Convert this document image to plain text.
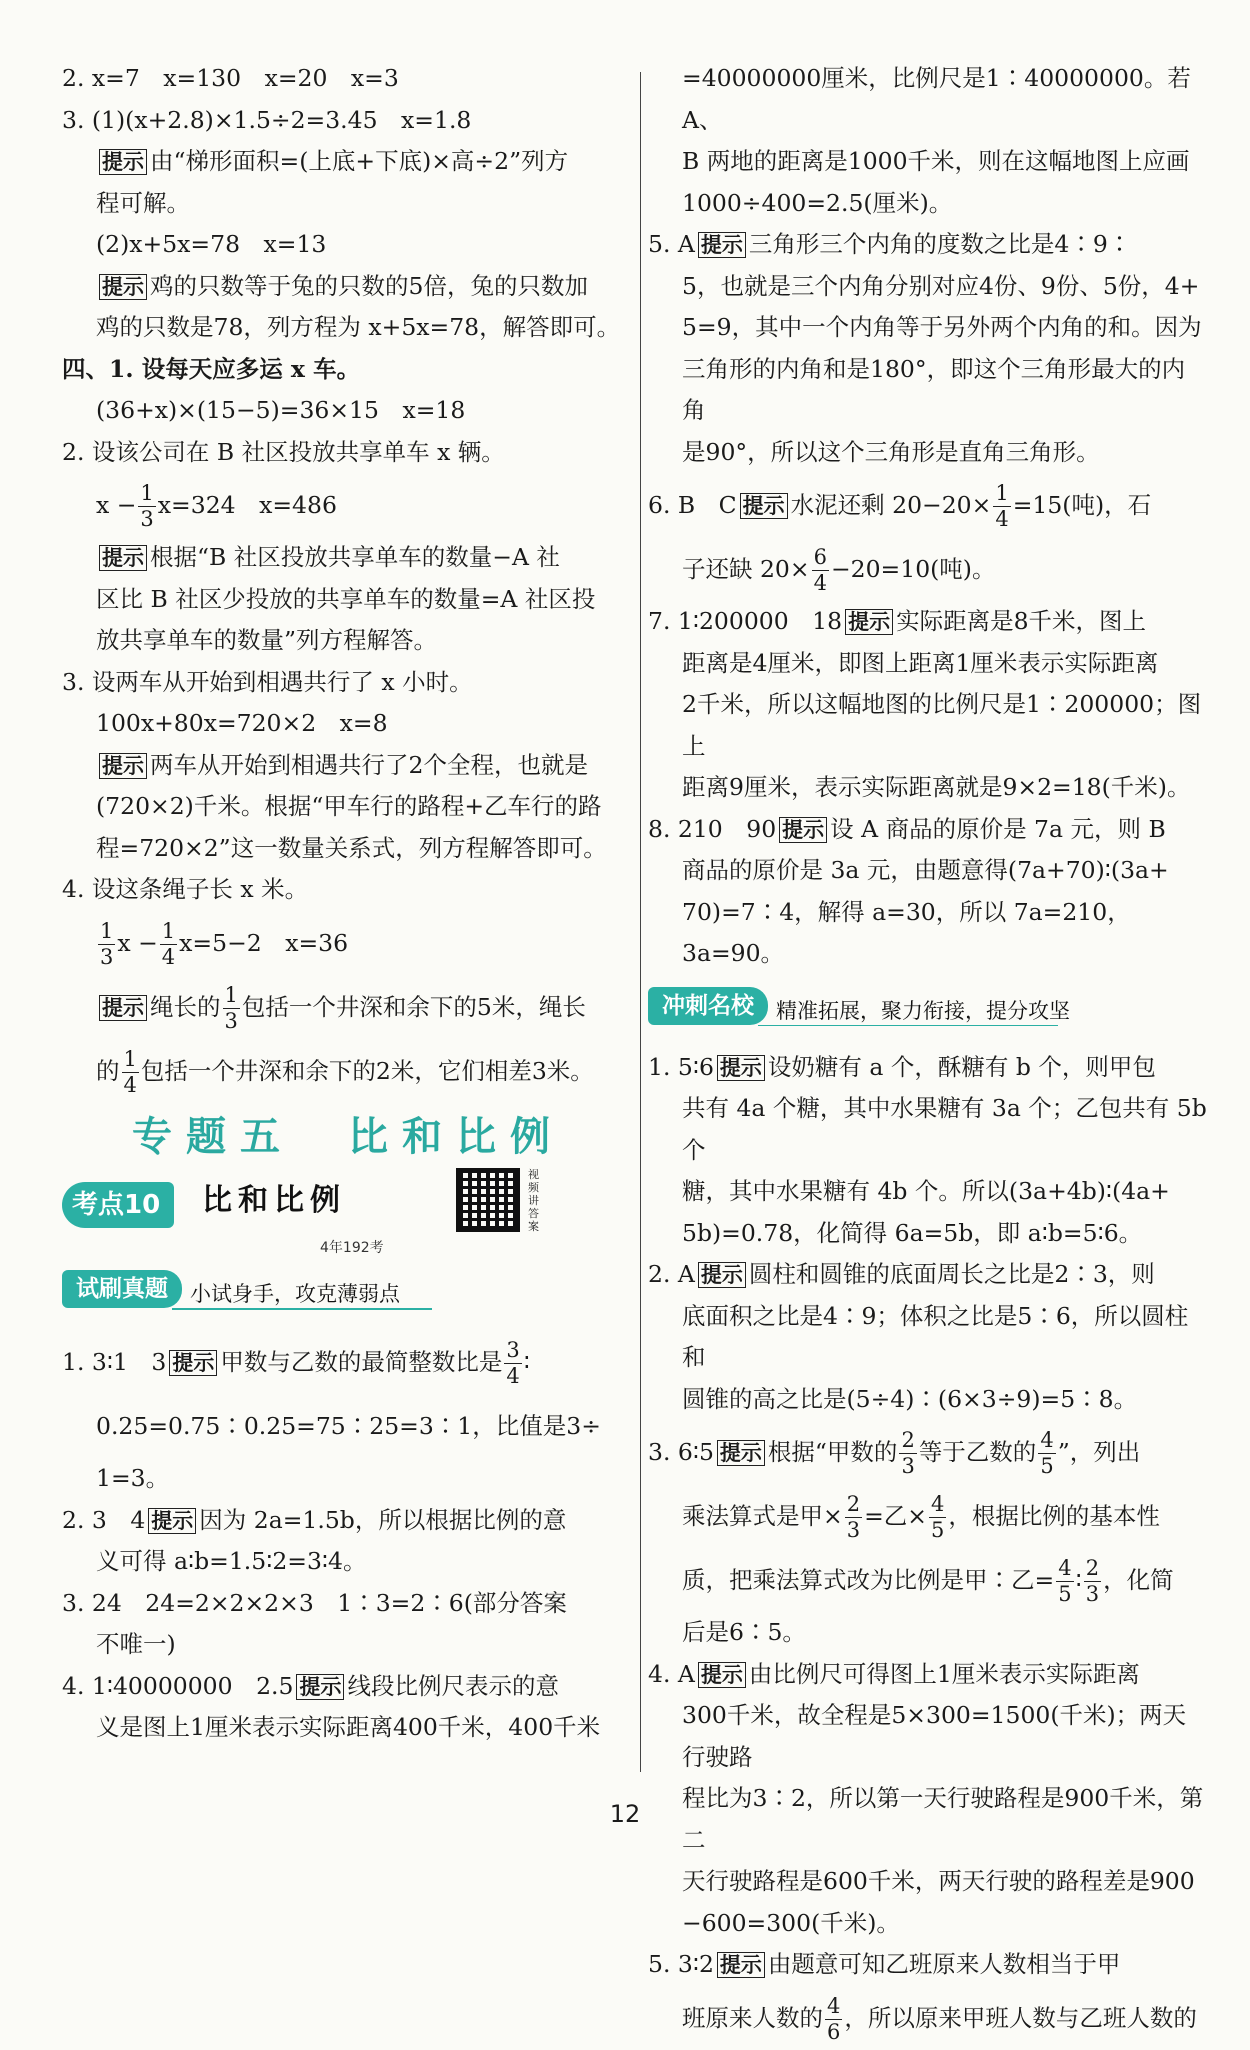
2. x=7　x=130　x=20　x=3

3. (1)(x+2.8)×1.5÷2=3.45　x=1.8

提示 由“梯形面积=(上底+下底)×高÷2”列方

程可解。

(2)x+5x=78　x=13

提示 鸡的只数等于兔的只数的5倍，兔的只数加

鸡的只数是78，列方程为 x+5x=78，解答即可。

四、1. 设每天应多运 x 车。

(36+x)×(15−5)=36×15　x=18

2. 设该公司在 B 社区投放共享单车 x 辆。

$x - \frac{1}{3} x=324$　x=486

提示 根据“B 社区投放共享单车的数量−A 社

区比 B 社区少投放的共享单车的数量=A 社区投

放共享单车的数量”列方程解答。

3. 设两车从开始到相遇共行了 x 小时。

100x+80x=720×2　x=8

提示 两车从开始到相遇共行了2个全程，也就是

(720×2)千米。根据“甲车行的路程+乙车行的路

程=720×2”这一数量关系式，列方程解答即可。

4. 设这条绳子长 x 米。

$\frac{1}{3}$ $x - \frac{1}{4} x=5-2$　x=36

提示 绳长的 $\frac{1}{3}$ 包括一个井深和余下的5米，绳长

的 $\frac{1}{4}$ 包括一个井深和余下的2米，它们相差3米。

专题五　比和比例
考点10	比和比例
4年192考
视频讲答案
试刷真题	小试身手，攻克薄弱点

1. 3∶1　3 提示 甲数与乙数的最简整数比是 $\frac{3}{4}$ ∶

0.25=0.75∶0.25=75∶25=3∶1，比值是3÷

1=3。

2. 3　4 提示 因为 2a=1.5b，所以根据比例的意

义可得 a∶b=1.5∶2=3∶4。

3. 24　24=2×2×2×3　1∶3=2∶6(部分答案

不唯一)

4. 1∶40000000　2.5 提示 线段比例尺表示的意

义是图上1厘米表示实际距离400千米，400千米

=40000000厘米，比例尺是1∶40000000。若 A、

B 两地的距离是1000千米，则在这幅地图上应画

1000÷400=2.5(厘米)。

5. A 提示 三角形三个内角的度数之比是4∶9∶

5，也就是三个内角分别对应4份、9份、5份，4+

5=9，其中一个内角等于另外两个内角的和。因为

三角形的内角和是180°，即这个三角形最大的内角

是90°，所以这个三角形是直角三角形。

6. B　C 提示 水泥还剩 $20-20\times \frac{1}{4} =15$(吨)，石

子还缺 $20\times \frac{6}{4} -20=10$(吨)。

7. 1∶200000　18 提示 实际距离是8千米，图上

距离是4厘米，即图上距离1厘米表示实际距离

2千米，所以这幅地图的比例尺是1∶200000；图上

距离9厘米，表示实际距离就是9×2=18(千米)。

8. 210　90 提示 设 A 商品的原价是 7a 元，则 B

商品的原价是 3a 元，由题意得(7a+70)∶(3a+

70)=7∶4，解得 a=30，所以 7a=210，3a=90。

冲刺名校	精准拓展，聚力衔接，提分攻坚

1. 5∶6 提示 设奶糖有 a 个，酥糖有 b 个，则甲包

共有 4a 个糖，其中水果糖有 3a 个；乙包共有 5b 个

糖，其中水果糖有 4b 个。所以(3a+4b)∶(4a+

5b)=0.78，化简得 6a=5b，即 a∶b=5∶6。

2. A 提示 圆柱和圆锥的底面周长之比是2∶3，则

底面积之比是4∶9；体积之比是5∶6，所以圆柱和

圆锥的高之比是(5÷4)∶(6×3÷9)=5∶8。

3. 6∶5 提示 根据“甲数的 $\frac{2}{3}$ 等于乙数的 $\frac{4}{5}$ ”，列出

乘法算式是甲× $\frac{2}{3}$ =乙× $\frac{4}{5}$ ，根据比例的基本性

质，把乘法算式改为比例是甲∶乙= $\frac{4}{5}$ ∶ $\frac{2}{3}$ ，化简

后是6∶5。

4. A 提示 由比例尺可得图上1厘米表示实际距离

300千米，故全程是5×300=1500(千米)；两天行驶路

程比为3∶2，所以第一天行驶路程是900千米，第二

天行驶路程是600千米，两天行驶的路程差是900

−600=300(千米)。

5. 3∶2 提示 由题意可知乙班原来人数相当于甲

班原来人数的 $\frac{4}{6}$ ，所以原来甲班人数与乙班人数的

12
